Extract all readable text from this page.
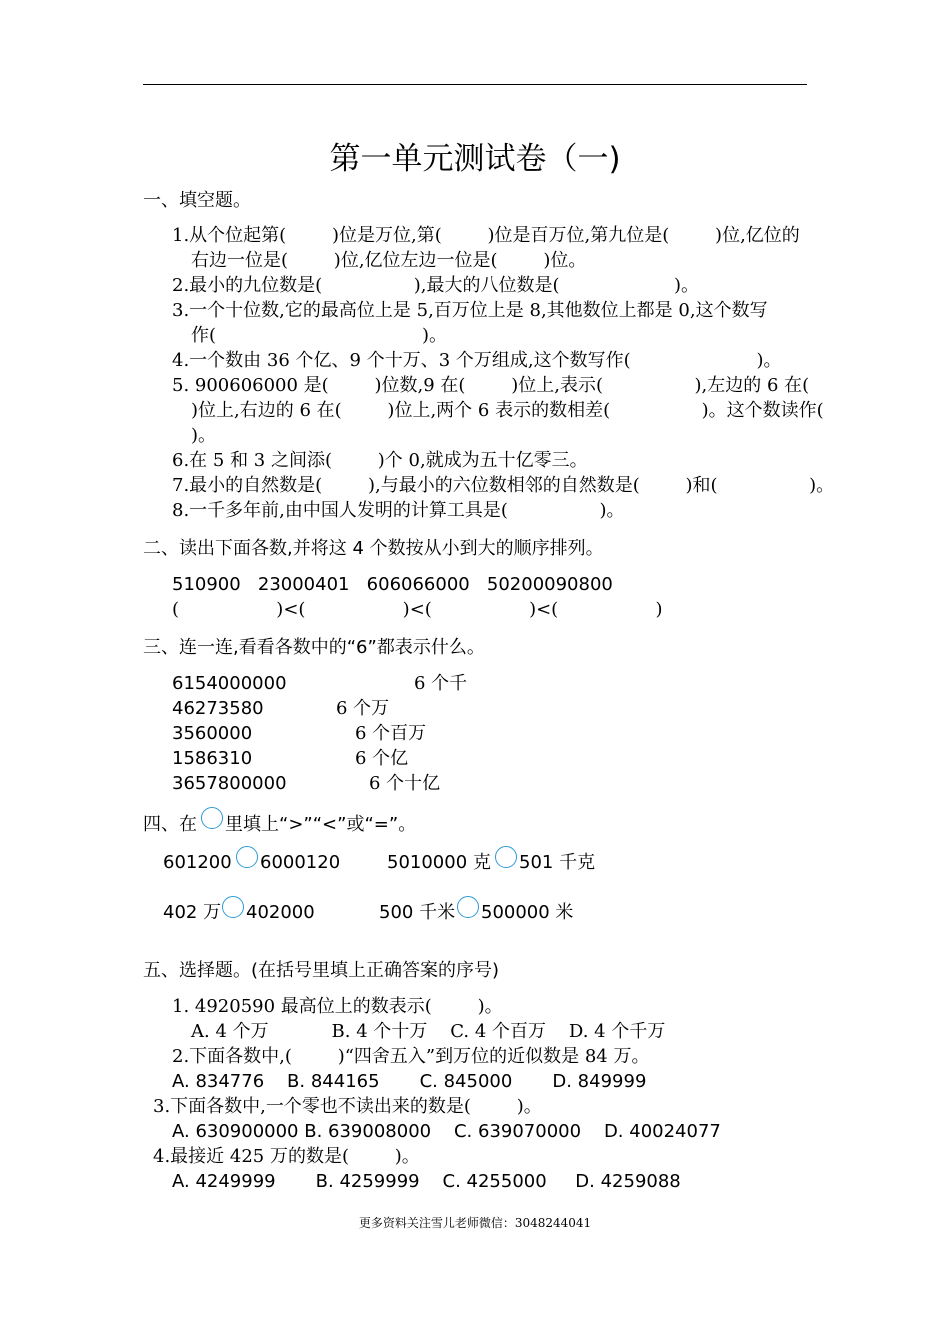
第一单元测试卷（一)
一、填空题。
1.从个位起第(        )位是万位,第(        )位是百万位,第九位是(        )位,亿位的
右边一位是(        )位,亿位左边一位是(        )位。
2.最小的九位数是(                ),最大的八位数是(                    )。
3.一个十位数,它的最高位上是 5,百万位上是 8,其他数位上都是 0,这个数写
作(                                    )。
4.一个数由 36 个亿、9 个十万、3 个万组成,这个数写作(                      )。
5. 900606000 是(        )位数,9 在(        )位上,表示(                ),左边的 6 在(
)位上,右边的 6 在(        )位上,两个 6 表示的数相差(                )。这个数读作(
)。
6.在 5 和 3 之间添(        )个 0,就成为五十亿零三。
7.最小的自然数是(        ),与最小的六位数相邻的自然数是(        )和(                )。
8.一千多年前,由中国人发明的计算工具是(                )。
二、读出下面各数,并将这 4 个数按从小到大的顺序排列。
510900   23000401   606066000   50200090800
(                 )<(                 )<(                 )<(                 )
三、连一连,看看各数中的“6”都表示什么。
6154000000
46273580
3560000
1586310
3657800000
6 个千
6 个万
6 个百万
6 个亿
6 个十亿
四、在 里填上“>”“<”或“=”。
601200 6000120	5010000 克 501 千克
402 万 402000	500 千米 500000 米
五、选择题。(在括号里填上正确答案的序号)
1. 4920590 最高位上的数表示(        )。
A. 4 个万           B. 4 个十万    C. 4 个百万    D. 4 个千万
2.下面各数中,(        )“四舍五入”到万位的近似数是 84 万。
A. 834776    B. 844165       C. 845000       D. 849999
3.下面各数中,一个零也不读出来的数是(        )。
A. 630900000 B. 639008000    C. 639070000    D. 40024077
4.最接近 425 万的数是(        )。
A. 4249999       B. 4259999    C. 4255000     D. 4259088
更多资料关注雪儿老师微信：3048244041
